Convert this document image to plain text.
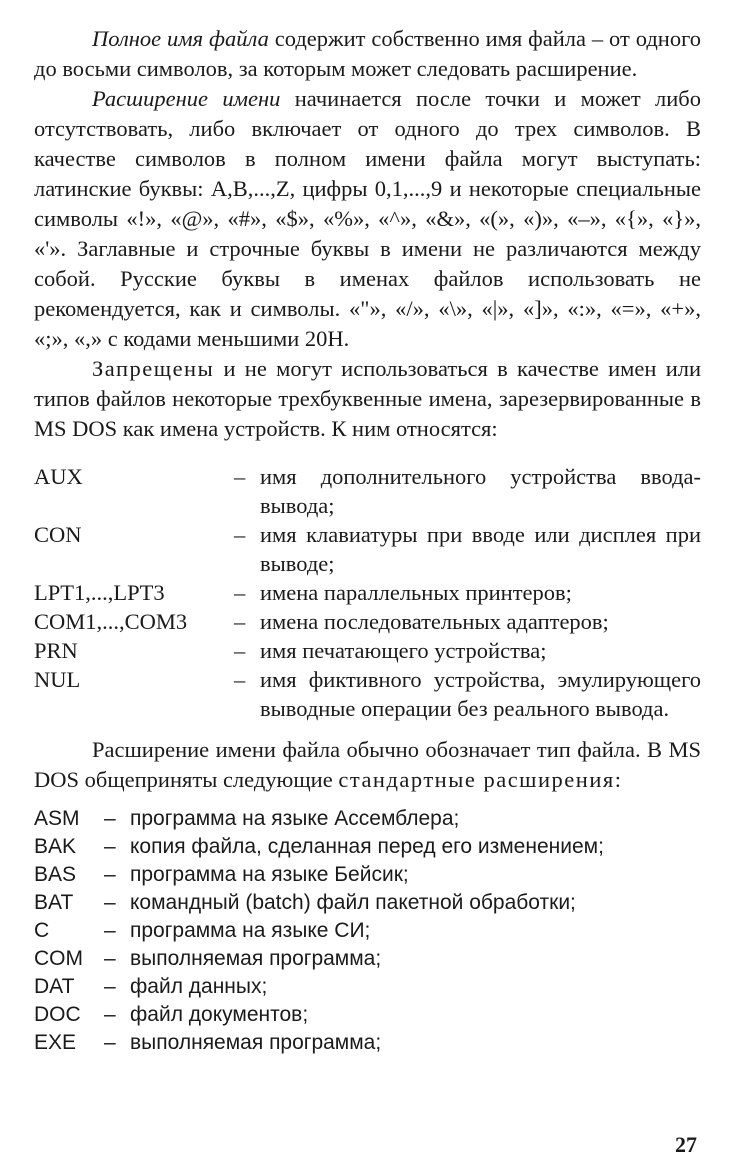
Полное имя файла содержит собственно имя файла – от одного до восьми символов, за которым может следовать расширение.

Расширение имени начинается после точки и может либо отсутствовать, либо включает от одного до трех символов. В качестве символов в полном имени файла могут выступать: латинские буквы: A,B,...,Z, цифры 0,1,...,9 и некоторые специальные символы «!», «@», «#», «$», «%», «^», «&», «(», «)», «–», «{», «}», «'». Заглавные и строчные буквы в имени не различаются между собой. Русские буквы в именах файлов использовать не рекомендуется, как и символы. «"», «/», «\», «|», «]», «:», «=», «+», «;», «,» с кодами меньшими 20H.

Запрещены и не могут использоваться в качестве имен или типов файлов некоторые трехбуквенные имена, зарезервированные в MS DOS как имена устройств. К ним относятся:

AUX	– имя дополнительного устройства ввода-вывода;
CON	– имя клавиатуры при вводе или дисплея при выводе;
LPT1,...,LPT3	– имена параллельных принтеров;
COM1,...,COM3	– имена последовательных адаптеров;
PRN	– имя печатающего устройства;
NUL	– имя фиктивного устройства, эмулирующего выводные операции без реального вывода.

Расширение имени файла обычно обозначает тип файла. В MS DOS общеприняты следующие стандартные расширения:

ASM	– программа на языке Ассемблера;
BAK	– копия файла, сделанная перед его изменением;
BAS	– программа на языке Бейсик;
BAT	– командный (batch) файл пакетной обработки;
C	– программа на языке СИ;
COM	– выполняемая программа;
DAT	– файл данных;
DOC	– файл документов;
EXE	– выполняемая программа;
27
